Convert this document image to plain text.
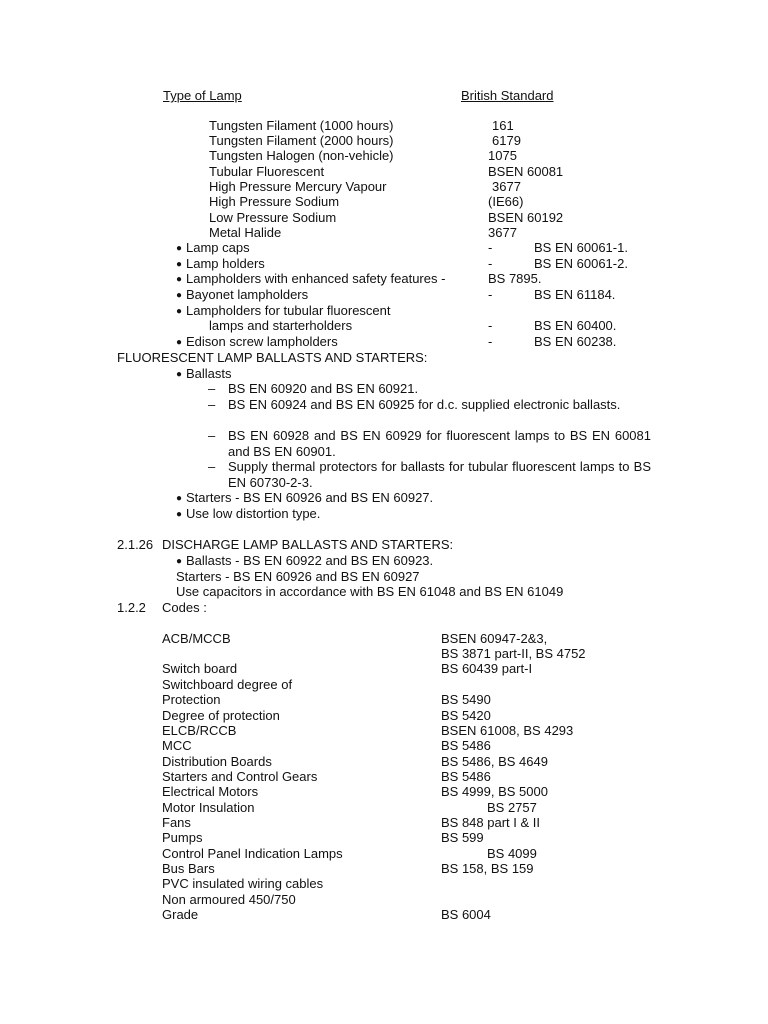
Type of Lamp	British Standard
Tungsten Filament (1000 hours)	161
Tungsten Filament (2000 hours)	6179
Tungsten Halogen (non-vehicle)	1075
Tubular Fluorescent	BSEN 60081
High Pressure Mercury Vapour	3677
High Pressure Sodium	(IE66)
Low Pressure Sodium	BSEN 60192
Metal Halide	3677
● Lamp caps	-	BS EN 60061-1.
● Lamp holders	-	BS EN 60061-2.
● Lampholders with enhanced safety features -	BS 7895.
● Bayonet lampholders	-	BS EN 61184.
● Lampholders for tubular fluorescent
lamps and starterholders	-	BS EN 60400.
● Edison screw lampholders	-	BS EN 60238.
FLUORESCENT LAMP BALLASTS AND STARTERS:
● Ballasts
– BS EN 60920 and BS EN 60921.
– BS EN 60924 and BS EN 60925 for d.c. supplied electronic ballasts.
– BS EN 60928 and BS EN 60929 for fluorescent lamps to BS EN 60081 and BS EN 60901.
– Supply thermal protectors for ballasts for tubular fluorescent lamps to BS EN 60730-2-3.
● Starters - BS EN 60926 and BS EN 60927.
● Use low distortion type.
2.1.26 DISCHARGE LAMP BALLASTS AND STARTERS:
● Ballasts - BS EN 60922 and BS EN 60923.
Starters - BS EN 60926 and BS EN 60927
Use capacitors in accordance with BS EN 61048 and BS EN 61049
1.2.2 Codes :
ACB/MCCB	BSEN 60947-2&3,
BS 3871 part-II, BS 4752
Switch board	BS 60439 part-I
Switchboard degree of
Protection	BS 5490
Degree of protection	BS 5420
ELCB/RCCB	BSEN 61008, BS 4293
MCC	BS 5486
Distribution Boards	BS 5486, BS 4649
Starters and Control Gears	BS 5486
Electrical Motors	BS 4999, BS 5000
Motor Insulation	BS 2757
Fans	BS 848 part I & II
Pumps	BS 599
Control Panel Indication Lamps	BS 4099
Bus Bars	BS 158, BS 159
PVC insulated wiring cables
Non armoured 450/750
Grade	BS 6004
